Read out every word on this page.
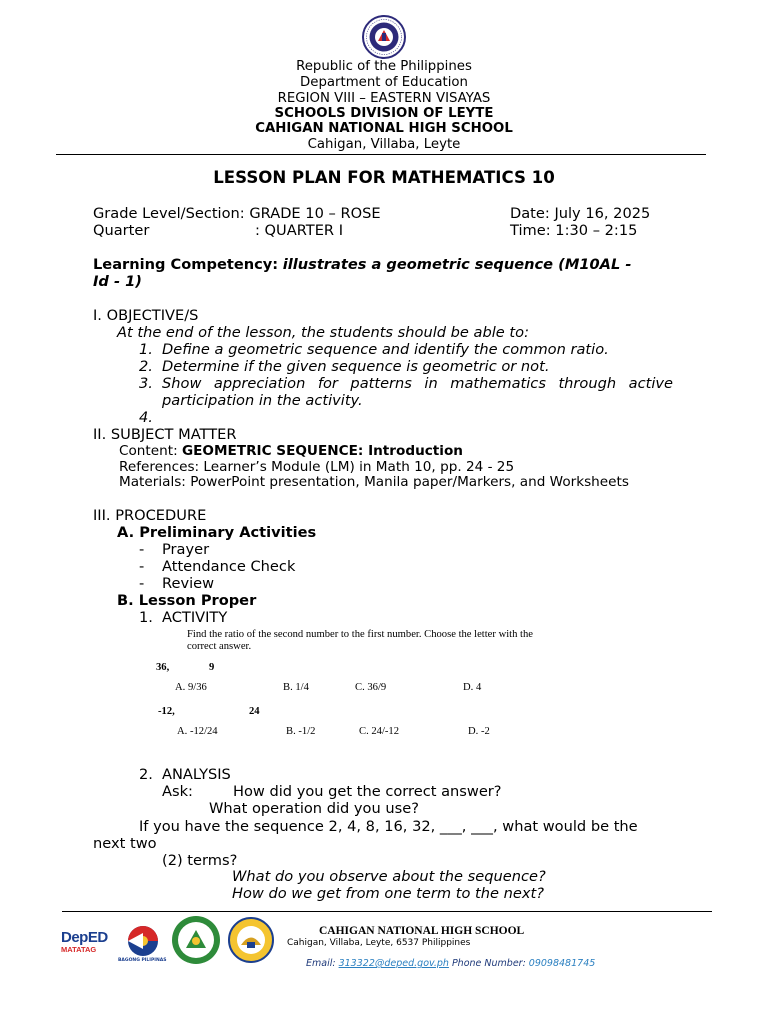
Republic of the Philippines
Department of Education
REGION VIII – EASTERN VISAYAS
SCHOOLS DIVISION OF LEYTE
CAHIGAN NATIONAL HIGH SCHOOL
Cahigan, Villaba, Leyte
LESSON PLAN FOR MATHEMATICS 10
Grade Level/Section: GRADE 10 – ROSE	Date: July 16, 2025
Quarter	: QUARTER I	Time: 1:30 – 2:15
Learning Competency: illustrates a geometric sequence (M10AL -
Id - 1)
I. OBJECTIVE/S
At the end of the lesson, the students should be able to:
1. Define a geometric sequence and identify the common ratio.
2. Determine if the given sequence is geometric or not.
3. Show appreciation for patterns in mathematics through active
participation in the activity.
4.
II. SUBJECT MATTER
Content: GEOMETRIC SEQUENCE: Introduction
References: Learner’s Module (LM) in Math 10, pp. 24 - 25
Materials: PowerPoint presentation, Manila paper/Markers, and Worksheets
III. PROCEDURE
A. Preliminary Activities
- Prayer
- Attendance Check
- Review
B. Lesson Proper
1. ACTIVITY
Find the ratio of the second number to the first number. Choose the letter with the
correct answer.
36,	9
A. 9/36	B. 1/4	C. 36/9	D. 4
-12,	24
A. -12/24	B. -1/2	C. 24/-12	D. -2
2. ANALYSIS
Ask:	How did you get the correct answer?
What operation did you use?
If you have the sequence 2, 4, 8, 16, 32, ___, ___, what would be the
next two
(2) terms?
What do you observe about the sequence?
How do we get from one term to the next?
DepED
MATATAG
BAGONG PILIPINAS
CAHIGAN NATIONAL HIGH SCHOOL
Cahigan, Villaba, Leyte, 6537 Philippines
Email: 313322@deped.gov.ph Phone Number: 09098481745
